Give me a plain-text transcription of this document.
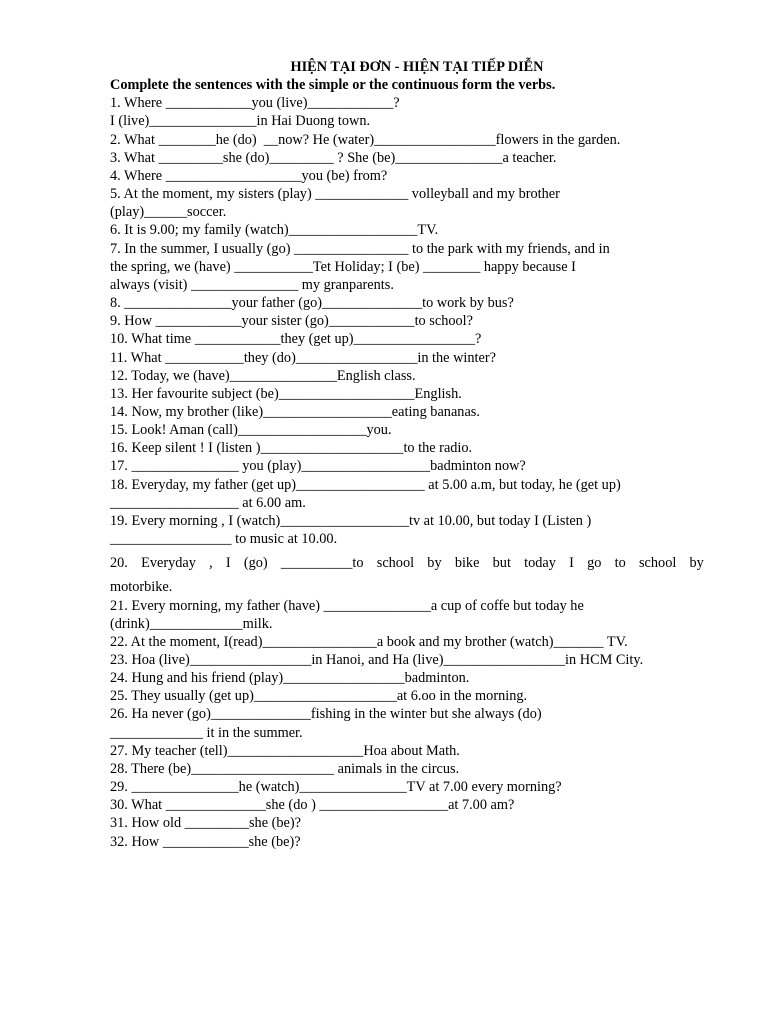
HIỆN TẠI ĐƠN - HIỆN TẠI TIẾP DIỄN
Complete the sentences with the simple or the continuous form the verbs.
1. Where ____________you (live)____________?
I (live)_______________in Hai Duong town.
2. What ________he (do)  __now? He (water)_________________flowers in the garden.
3. What _________she (do)_________ ? She (be)_______________a teacher.
4. Where ___________________you (be) from?
5. At the moment, my sisters (play) _____________ volleyball and my brother
(play)______soccer.
6. It is 9.00; my family (watch)__________________TV.
7. In the summer, I usually (go) ________________ to the park with my friends, and in
the spring, we (have) ___________Tet Holiday; I (be) ________ happy because I
always (visit) _______________ my granparents.
8. _______________your father (go)______________to work by bus?
9. How ____________your sister (go)____________to school?
10. What time ____________they (get up)_________________?
11. What ___________they (do)_________________in the winter?
12. Today, we (have)_______________English class.
13. Her favourite subject (be)___________________English.
14. Now, my brother (like)__________________eating bananas.
15. Look! Aman (call)__________________you.
16. Keep silent ! I (listen )____________________to the radio.
17. _______________ you (play)__________________badminton now?
18. Everyday, my father (get up)__________________ at 5.00 a.m, but today, he (get up)
__________________ at 6.00 am.
19. Every morning , I (watch)__________________tv at 10.00, but today I (Listen )
_________________ to music at 10.00.
20. Everyday , I (go) __________to school by bike but today I go to school by
motorbike.
21. Every morning, my father (have) _______________a cup of coffe but today he
(drink)_____________milk.
22. At the moment, I(read)________________a book and my brother (watch)_______ TV.
23. Hoa (live)_________________in Hanoi, and Ha (live)_________________in HCM City.
24. Hung and his friend (play)_________________badminton.
25. They usually (get up)____________________at 6.oo in the morning.
26. Ha never (go)______________fishing in the winter but she always (do)
_____________ it in the summer.
27. My teacher (tell)___________________Hoa about Math.
28. There (be)____________________ animals in the circus.
29. _______________he (watch)_______________TV at 7.00 every morning?
30. What ______________she (do ) __________________at 7.00 am?
31. How old _________she (be)?
32. How ____________she (be)?
